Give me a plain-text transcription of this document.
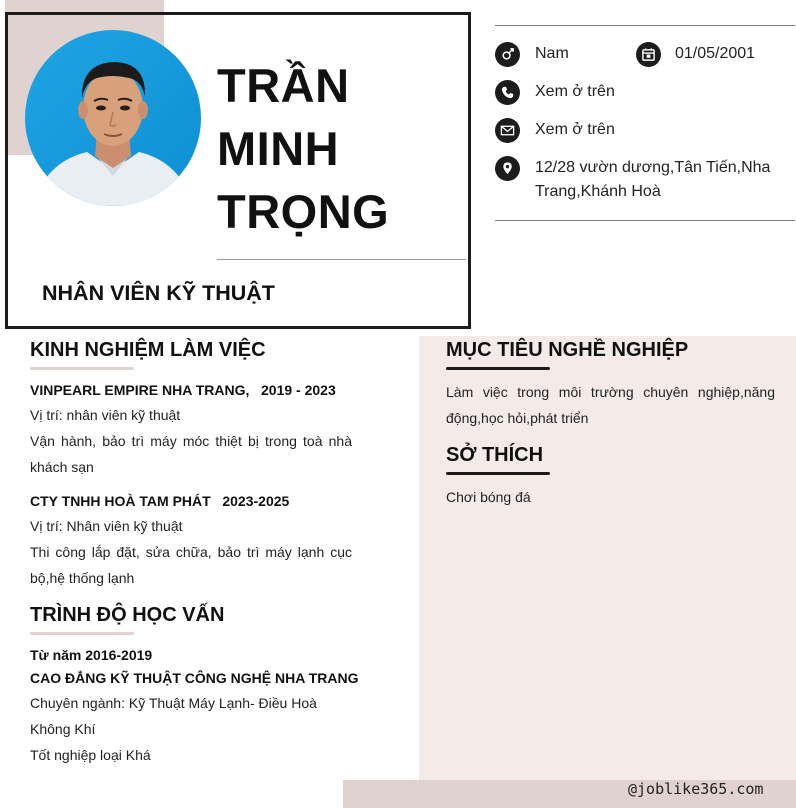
TRẦN
MINH
TRỌNG
NHÂN VIÊN KỸ THUẬT
Nam	01/05/2001
Xem ở trên
Xem ở trên
12/28 vườn dương,Tân Tiến,Nha Trang,Khánh Hoà
KINH NGHIỆM LÀM VIỆC
VINPEARL EMPIRE NHA TRANG,   2019 - 2023
Vị trí: nhân viên kỹ thuật
Vận hành, bảo trì máy móc thiệt bị trong toà nhà khách sạn
CTY TNHH HOÀ TAM PHÁT   2023-2025
Vị trí: Nhân viên kỹ thuật
Thi công lắp đặt, sửa chữa, bảo trì máy lạnh cục bộ,hệ thống lạnh
TRÌNH ĐỘ HỌC VẤN
Từ năm 2016-2019
CAO ĐẲNG KỸ THUẬT CÔNG NGHỆ NHA TRANG
Chuyên ngành: Kỹ Thuật Máy Lạnh- Điều Hoà Không Khí
Tốt nghiệp loại Khá
MỤC TIÊU NGHỀ NGHIỆP
Làm việc trong môi trường chuyên nghiệp,năng động,học hỏi,phát triển
SỞ THÍCH
Chơi bóng đá
@joblike365.com
